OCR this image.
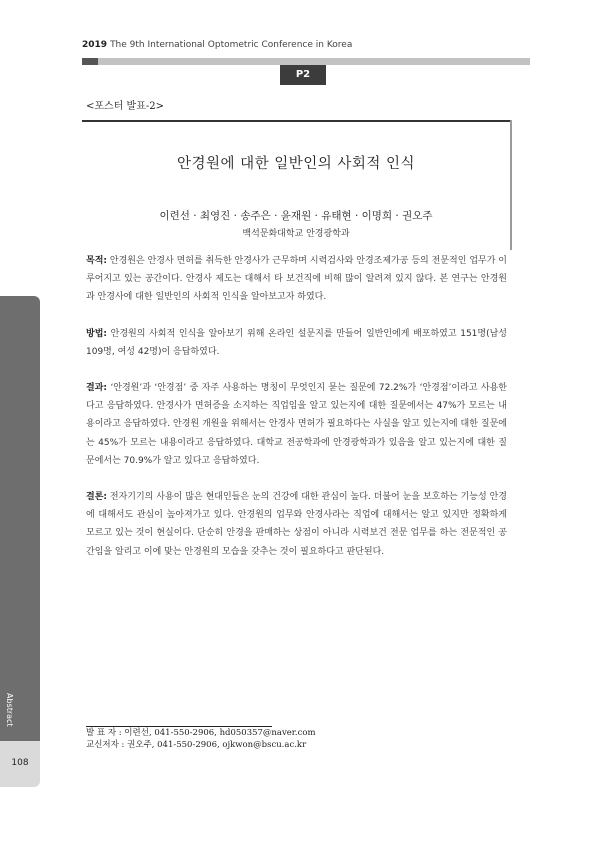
2019 The 9th International Optometric Conference in Korea
P2
<포스터 발표-2>
안경원에 대한 일반인의 사회적 인식
이련선 · 최영진 · 송주은 · 윤재원 · 유태현 · 이명희 · 권오주
백석문화대학교 안경광학과

목적: 안경원은 안경사 면허를 취득한 안경사가 근무하며 시력검사와 안경조제가공 등의 전문적인 업무가 이루어지고 있는 공간이다. 안경사 제도는 대해서 타 보건직에 비해 많이 알려져 있지 않다. 본 연구는 안경원과 안경사에 대한 일반인의 사회적 인식을 알아보고자 하였다.

방법: 안경원의 사회적 인식을 알아보기 위해 온라인 설문지를 만들어 일반인에게 배포하였고 151명(남성 109명, 여성 42명)이 응답하였다.

결과: ‘안경원’과 ‘안경점’ 중 자주 사용하는 명칭이 무엇인지 묻는 질문에 72.2%가 ‘안경점’이라고 사용한다고 응답하였다. 안경사가 면허증을 소지하는 직업임을 알고 있는지에 대한 질문에서는 47%가 모르는 내용이라고 응답하였다. 안경원 개원을 위해서는 안경사 면허가 필요하다는 사실을 알고 있는지에 대한 질문에는 45%가 모르는 내용이라고 응답하였다. 대학교 전공학과에 안경광학과가 있음을 알고 있는지에 대한 질문에서는 70.9%가 알고 있다고 응답하였다.

결론: 전자기기의 사용이 많은 현대인들은 눈의 건강에 대한 관심이 높다. 더불어 눈을 보호하는 기능성 안경에 대해서도 관심이 높아져가고 있다. 안경원의 업무와 안경사라는 직업에 대해서는 알고 있지만 정확하게 모르고 있는 것이 현실이다. 단순히 안경을 판매하는 상점이 아니라 시력보건 전문 업무를 하는 전문적인 공간임을 알리고 이에 맞는 안경원의 모습을 갖추는 것이 필요하다고 판단된다.

Abstract
108
발 표 자 : 이련선, 041-550-2906, hd050357@naver.com
교신저자 : 권오주, 041-550-2906, ojkwon@bscu.ac.kr
